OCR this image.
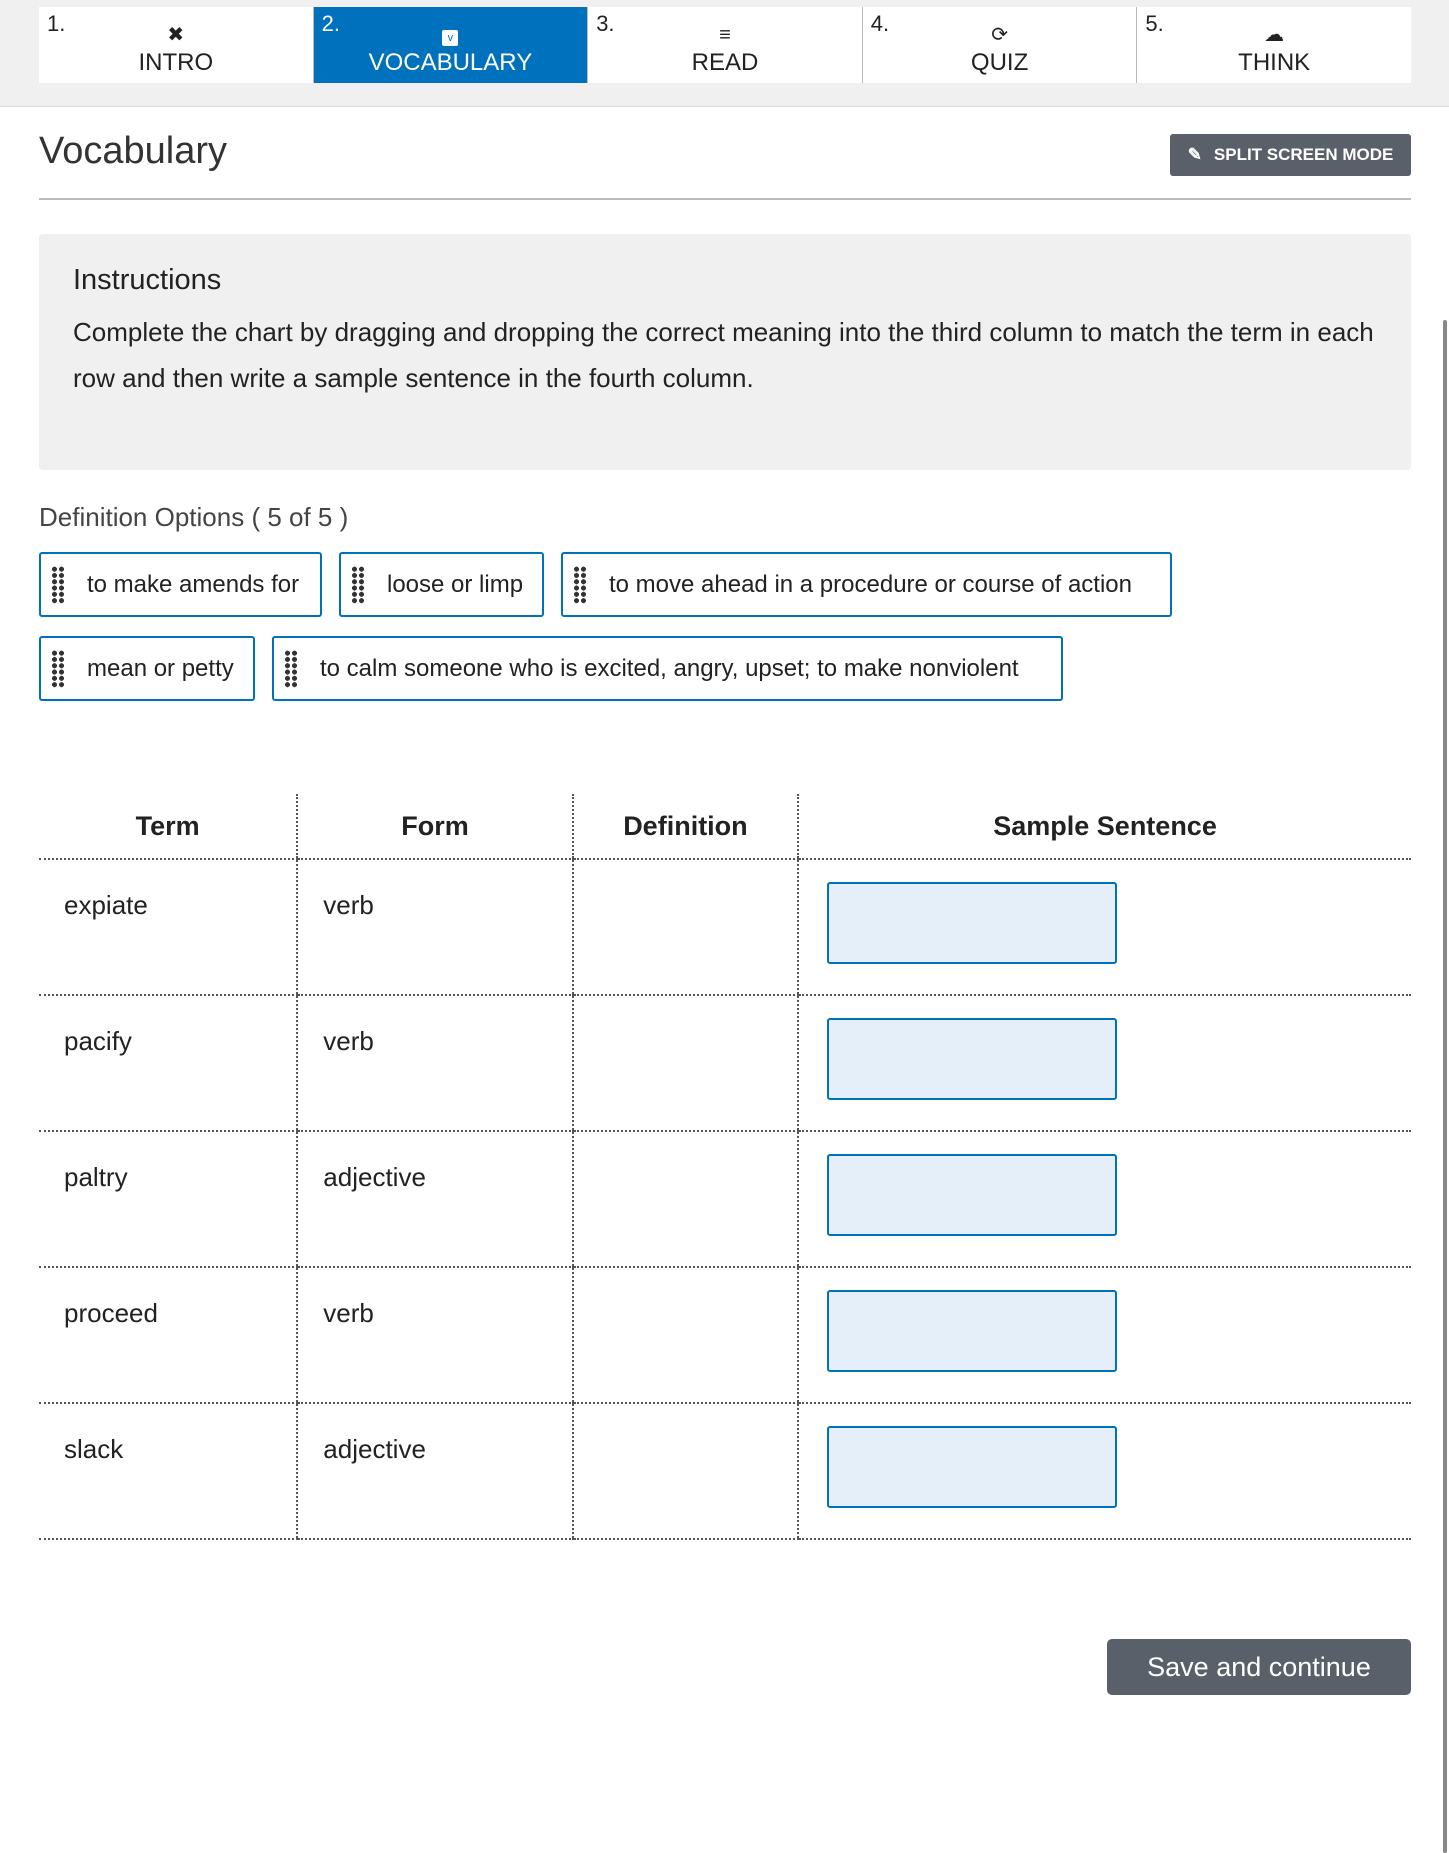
1.	✖
INTRO
2.
v
VOCABULARY
3.	≡
READ
4.	⟳
QUIZ
5.	☁
THINK
Vocabulary	✎ SPLIT SCREEN MODE
Instructions

Complete the chart by dragging and dropping the correct meaning into the third column to match the term in each row and then write a sample sentence in the fourth column.

Definition Options ( 5 of 5 )
to make amends for	loose or limp	to move ahead in a procedure or course of action
mean or petty	to calm someone who is excited, angry, upset; to make nonviolent
Term	Form	Definition	Sample Sentence
expiate	verb		

pacify	verb		

paltry	adjective		

proceed	verb		

slack	adjective		
Save and continue
